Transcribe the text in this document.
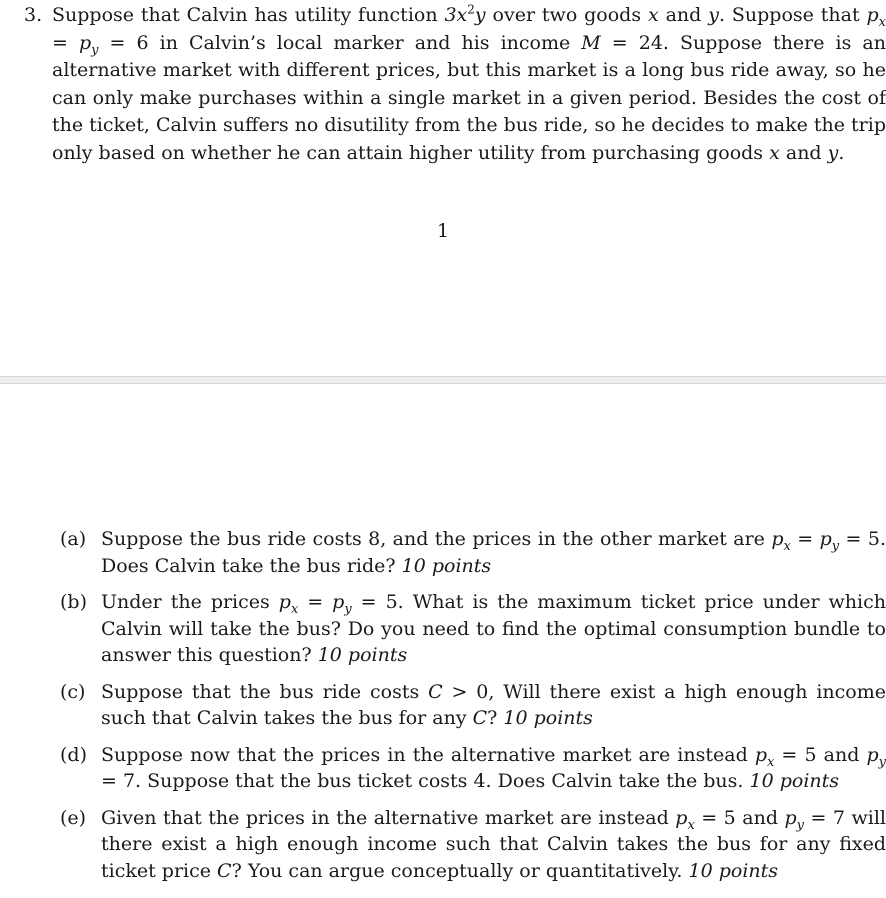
3. Suppose that Calvin has utility function $3x^2y$ over two goods x and y. Suppose that $p_x = p_y = 6$ in Calvin’s local marker and his income M = 24. Suppose there is an alternative market with different prices, but this market is a long bus ride away, so he can only make purchases within a single market in a given period. Besides the cost of the ticket, Calvin suffers no disutility from the bus ride, so he decides to make the trip only based on whether he can attain higher utility from purchasing goods x and y.
1
(a) Suppose the bus ride costs 8, and the prices in the other market are $p_x = p_y = 5$. Does Calvin take the bus ride? 10 points
(b) Under the prices $p_x = p_y = 5$. What is the maximum ticket price under which Calvin will take the bus? Do you need to find the optimal consumption bundle to answer this question? 10 points
(c) Suppose that the bus ride costs C > 0, Will there exist a high enough income such that Calvin takes the bus for any C? 10 points
(d) Suppose now that the prices in the alternative market are instead $p_x = 5$ and $p_y = 7$. Suppose that the bus ticket costs 4. Does Calvin take the bus. 10 points
(e) Given that the prices in the alternative market are instead $p_x = 5$ and $p_y = 7$ will there exist a high enough income such that Calvin takes the bus for any fixed ticket price C? You can argue conceptually or quantitatively. 10 points
